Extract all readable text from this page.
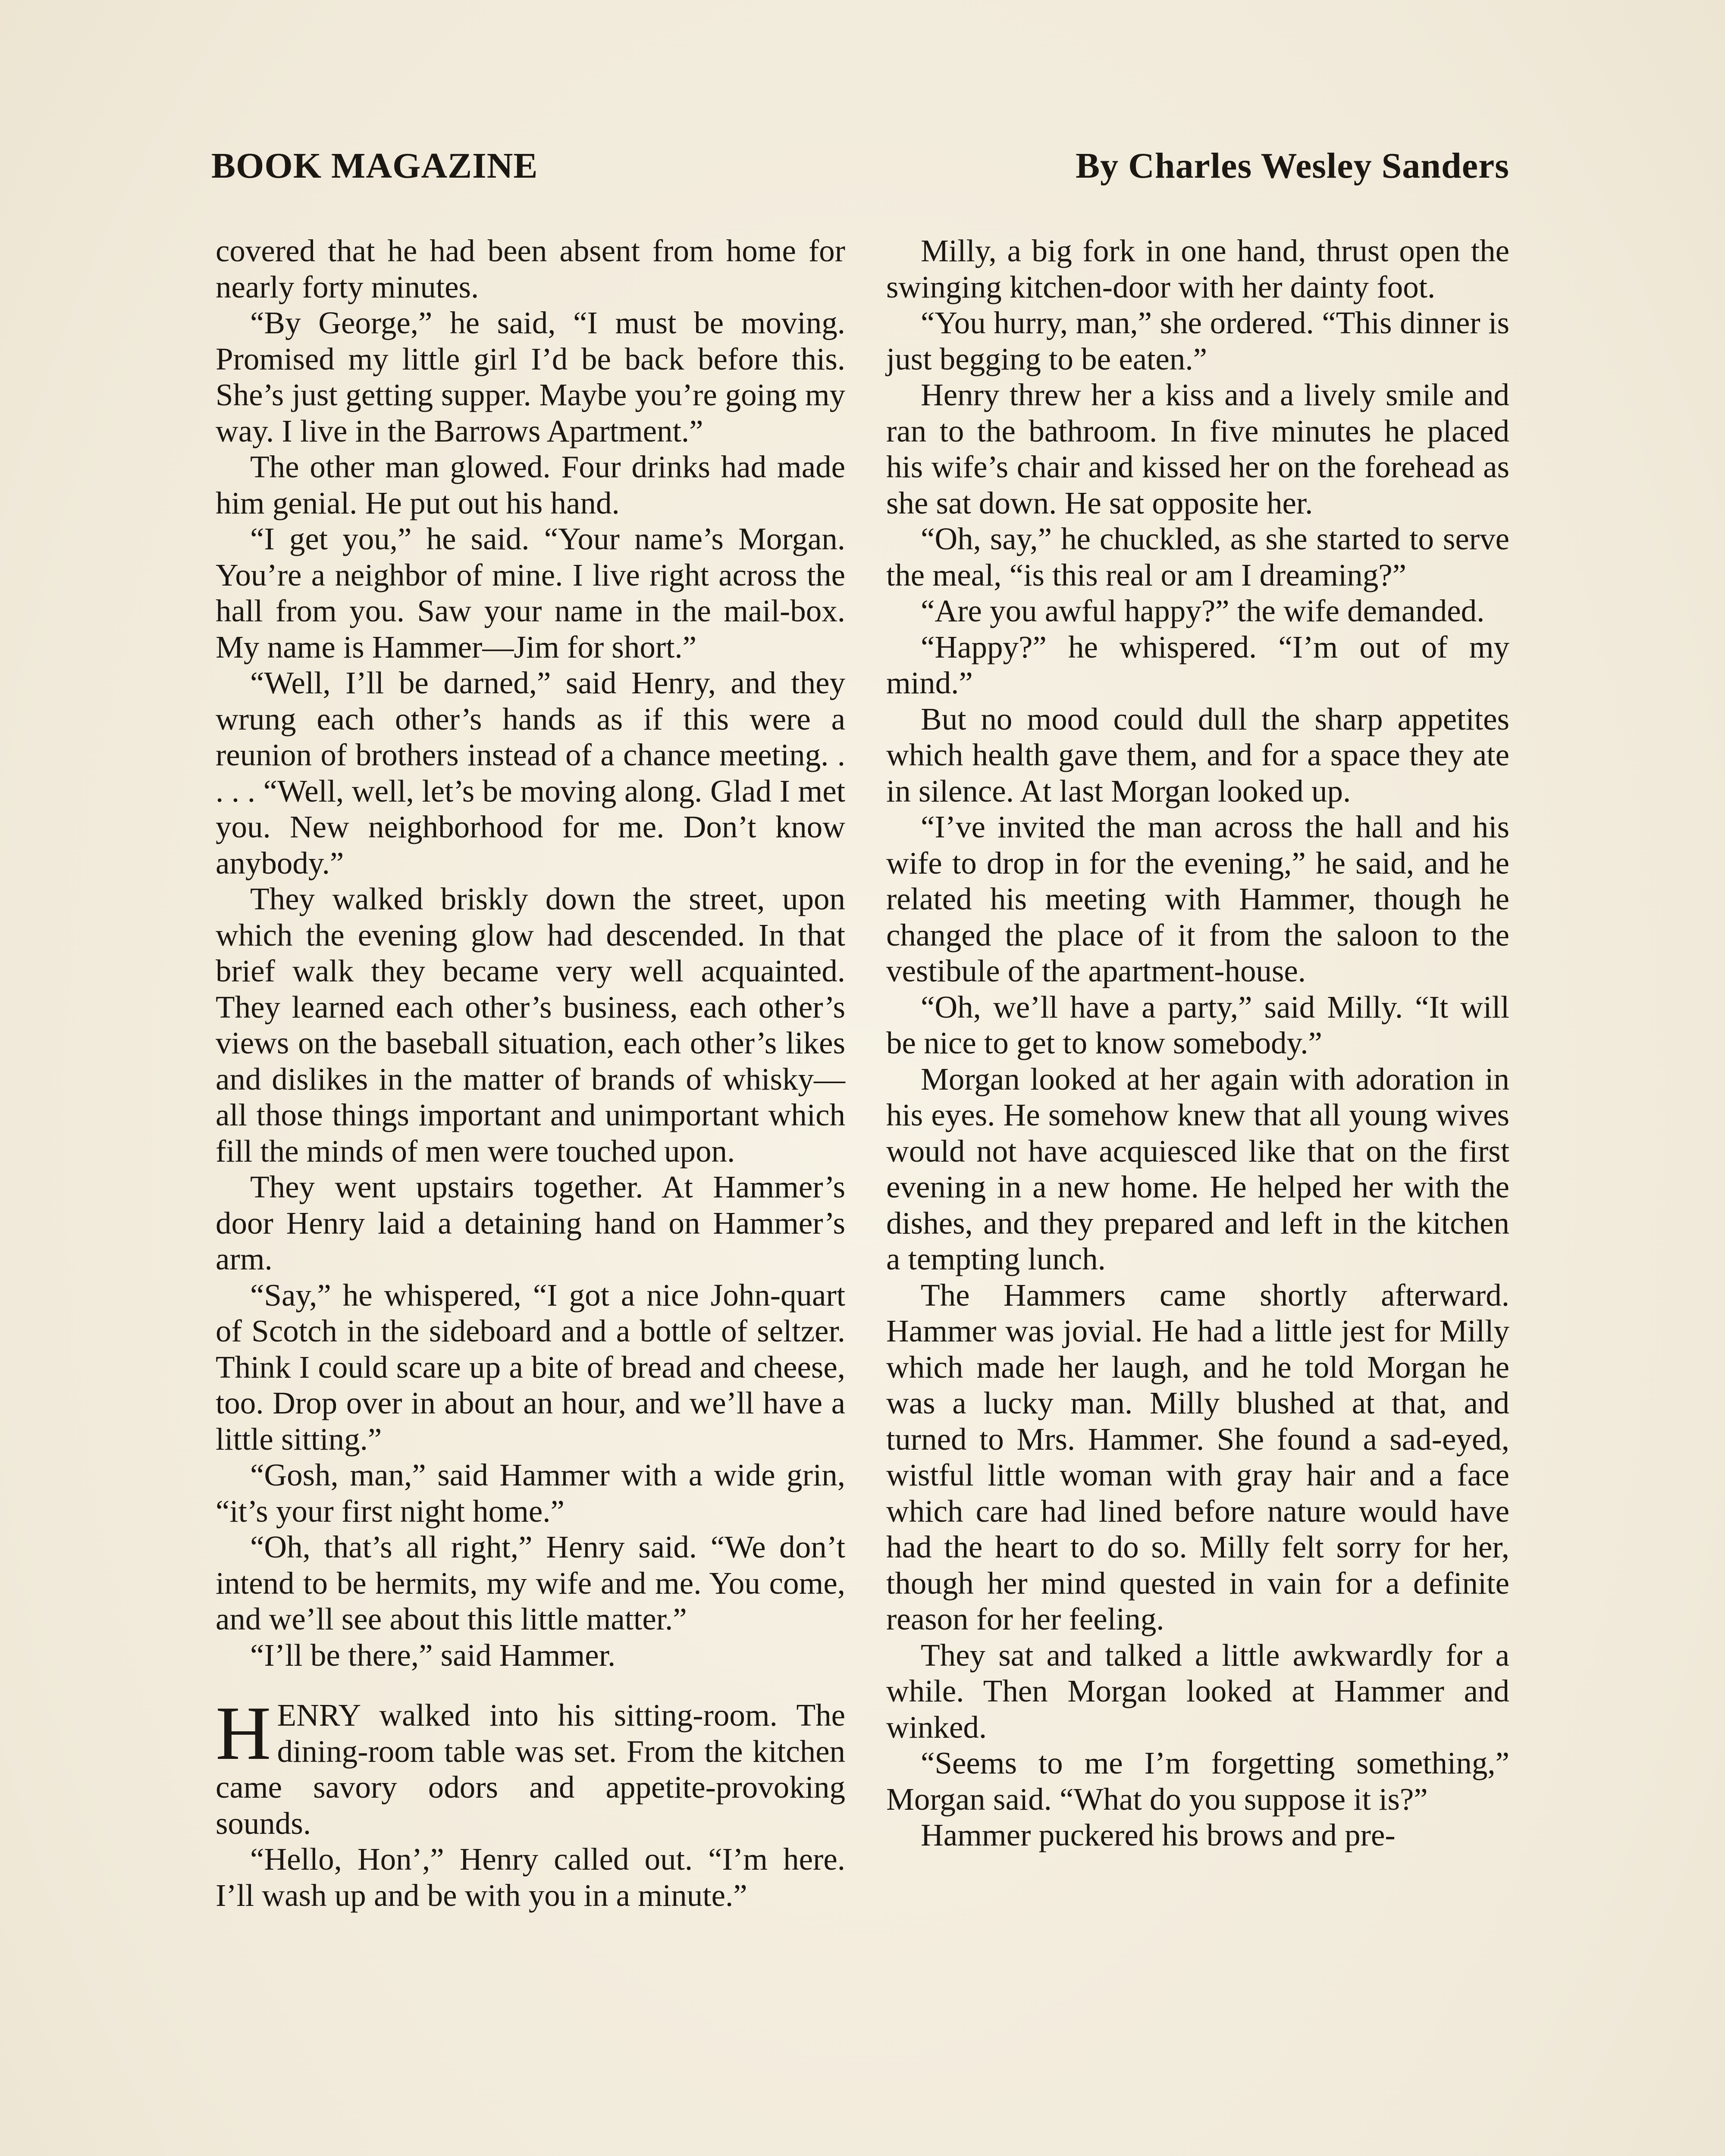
BOOK MAGAZINE	By Charles Wesley Sanders

covered that he had been absent from home for nearly forty minutes.

“By George,” he said, “I must be moving. Promised my little girl I’d be back before this. She’s just getting supper. Maybe you’re going my way. I live in the Barrows Apartment.”

The other man glowed. Four drinks had made him genial. He put out his hand.

“I get you,” he said. “Your name’s Morgan. You’re a neighbor of mine. I live right across the hall from you. Saw your name in the mail-box. My name is Hammer—Jim for short.”

“Well, I’ll be darned,” said Henry, and they wrung each other’s hands as if this were a reunion of brothers instead of a chance meeting. . . . . “Well, well, let’s be moving along. Glad I met you. New neighborhood for me. Don’t know anybody.”

They walked briskly down the street, upon which the evening glow had descended. In that brief walk they became very well acquainted. They learned each other’s business, each other’s views on the baseball situation, each other’s likes and dislikes in the matter of brands of whisky—all those things important and unimportant which fill the minds of men were touched upon.

They went upstairs together. At Hammer’s door Henry laid a detaining hand on Hammer’s arm.

“Say,” he whispered, “I got a nice John-quart of Scotch in the sideboard and a bottle of seltzer. Think I could scare up a bite of bread and cheese, too. Drop over in about an hour, and we’ll have a little sitting.”

“Gosh, man,” said Hammer with a wide grin, “it’s your first night home.”

“Oh, that’s all right,” Henry said. “We don’t intend to be hermits, my wife and me. You come, and we’ll see about this little matter.”

“I’ll be there,” said Hammer.

HENRY walked into his sitting-room. The dining-room table was set. From the kitchen came savory odors and appetite-provoking sounds.

“Hello, Hon’,” Henry called out. “I’m here. I’ll wash up and be with you in a minute.”

Milly, a big fork in one hand, thrust open the swinging kitchen-door with her dainty foot.

“You hurry, man,” she ordered. “This dinner is just begging to be eaten.”

Henry threw her a kiss and a lively smile and ran to the bathroom. In five minutes he placed his wife’s chair and kissed her on the forehead as she sat down. He sat opposite her.

“Oh, say,” he chuckled, as she started to serve the meal, “is this real or am I dreaming?”

“Are you awful happy?” the wife demanded.

“Happy?” he whispered. “I’m out of my mind.”

But no mood could dull the sharp appetites which health gave them, and for a space they ate in silence. At last Morgan looked up.

“I’ve invited the man across the hall and his wife to drop in for the evening,” he said, and he related his meeting with Hammer, though he changed the place of it from the saloon to the vestibule of the apartment-house.

“Oh, we’ll have a party,” said Milly. “It will be nice to get to know somebody.”

Morgan looked at her again with adoration in his eyes. He somehow knew that all young wives would not have acquiesced like that on the first evening in a new home. He helped her with the dishes, and they prepared and left in the kitchen a tempting lunch.

The Hammers came shortly afterward. Hammer was jovial. He had a little jest for Milly which made her laugh, and he told Morgan he was a lucky man. Milly blushed at that, and turned to Mrs. Hammer. She found a sad-eyed, wistful little woman with gray hair and a face which care had lined before nature would have had the heart to do so. Milly felt sorry for her, though her mind quested in vain for a definite reason for her feeling.

They sat and talked a little awkwardly for a while. Then Morgan looked at Hammer and winked.

“Seems to me I’m forgetting something,” Morgan said. “What do you suppose it is?”

Hammer puckered his brows and pre-
